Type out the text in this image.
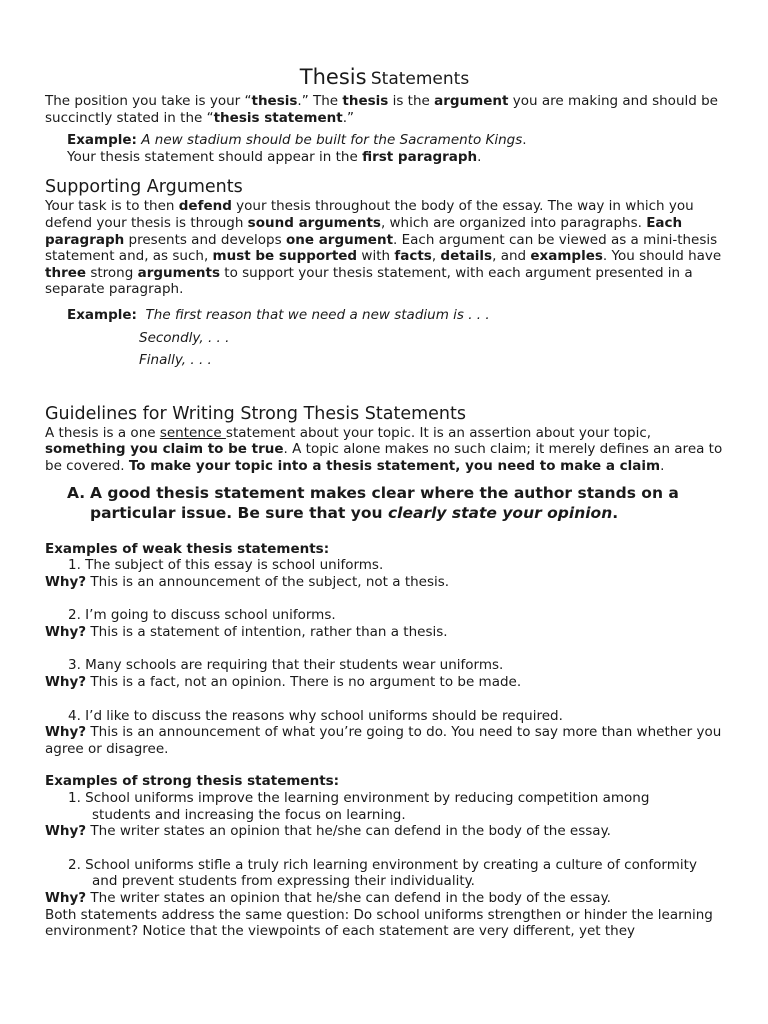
Thesis Statements

The position you take is your “thesis.” The thesis is the argument you are making and should be succinctly stated in the “thesis statement.”

Example: A new stadium should be built for the Sacramento Kings.

Your thesis statement should appear in the first paragraph.

Supporting Arguments

Your task is to then defend your thesis throughout the body of the essay. The way in which you defend your thesis is through sound arguments, which are organized into paragraphs. Each paragraph presents and develops one argument. Each argument can be viewed as a mini-thesis statement and, as such, must be supported with facts, details, and examples. You should have three strong arguments to support your thesis statement, with each argument presented in a separate paragraph.

Example: The first reason that we need a new stadium is . . .

Secondly, . . .

Finally, . . .

Guidelines for Writing Strong Thesis Statements

A thesis is a one sentence statement about your topic. It is an assertion about your topic, something you claim to be true. A topic alone makes no such claim; it merely defines an area to be covered. To make your topic into a thesis statement, you need to make a claim.

A. A good thesis statement makes clear where the author stands on a
particular issue. Be sure that you clearly state your opinion.

Examples of weak thesis statements:

1. The subject of this essay is school uniforms.

Why? This is an announcement of the subject, not a thesis.

2. I’m going to discuss school uniforms.

Why? This is a statement of intention, rather than a thesis.

3. Many schools are requiring that their students wear uniforms.

Why? This is a fact, not an opinion. There is no argument to be made.

4. I’d like to discuss the reasons why school uniforms should be required.

Why? This is an announcement of what you’re going to do. You need to say more than whether you agree or disagree.

Examples of strong thesis statements:

1. School uniforms improve the learning environment by reducing competition among

students and increasing the focus on learning.

Why? The writer states an opinion that he/she can defend in the body of the essay.

2. School uniforms stifle a truly rich learning environment by creating a culture of conformity

and prevent students from expressing their individuality.

Why? The writer states an opinion that he/she can defend in the body of the essay.

Both statements address the same question: Do school uniforms strengthen or hinder the learning environment? Notice that the viewpoints of each statement are very different, yet they
